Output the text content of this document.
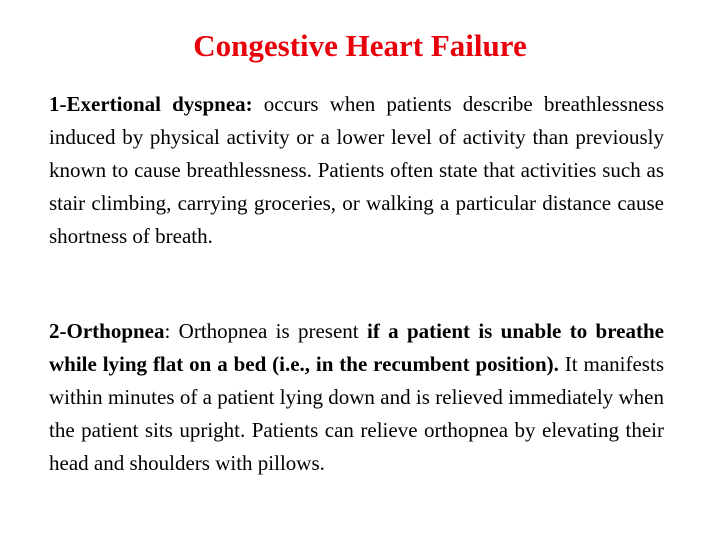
Congestive Heart Failure

1-Exertional dyspnea: occurs when patients describe breathlessness induced by physical activity or a lower level of activity than previously known to cause breathlessness. Patients often state that activities such as stair climbing, carrying groceries, or walking a particular distance cause shortness of breath.

2-Orthopnea: Orthopnea is present if a patient is unable to breathe while lying flat on a bed (i.e., in the recumbent position). It manifests within minutes of a patient lying down and is relieved immediately when the patient sits upright. Patients can relieve orthopnea by elevating their head and shoulders with pillows.
